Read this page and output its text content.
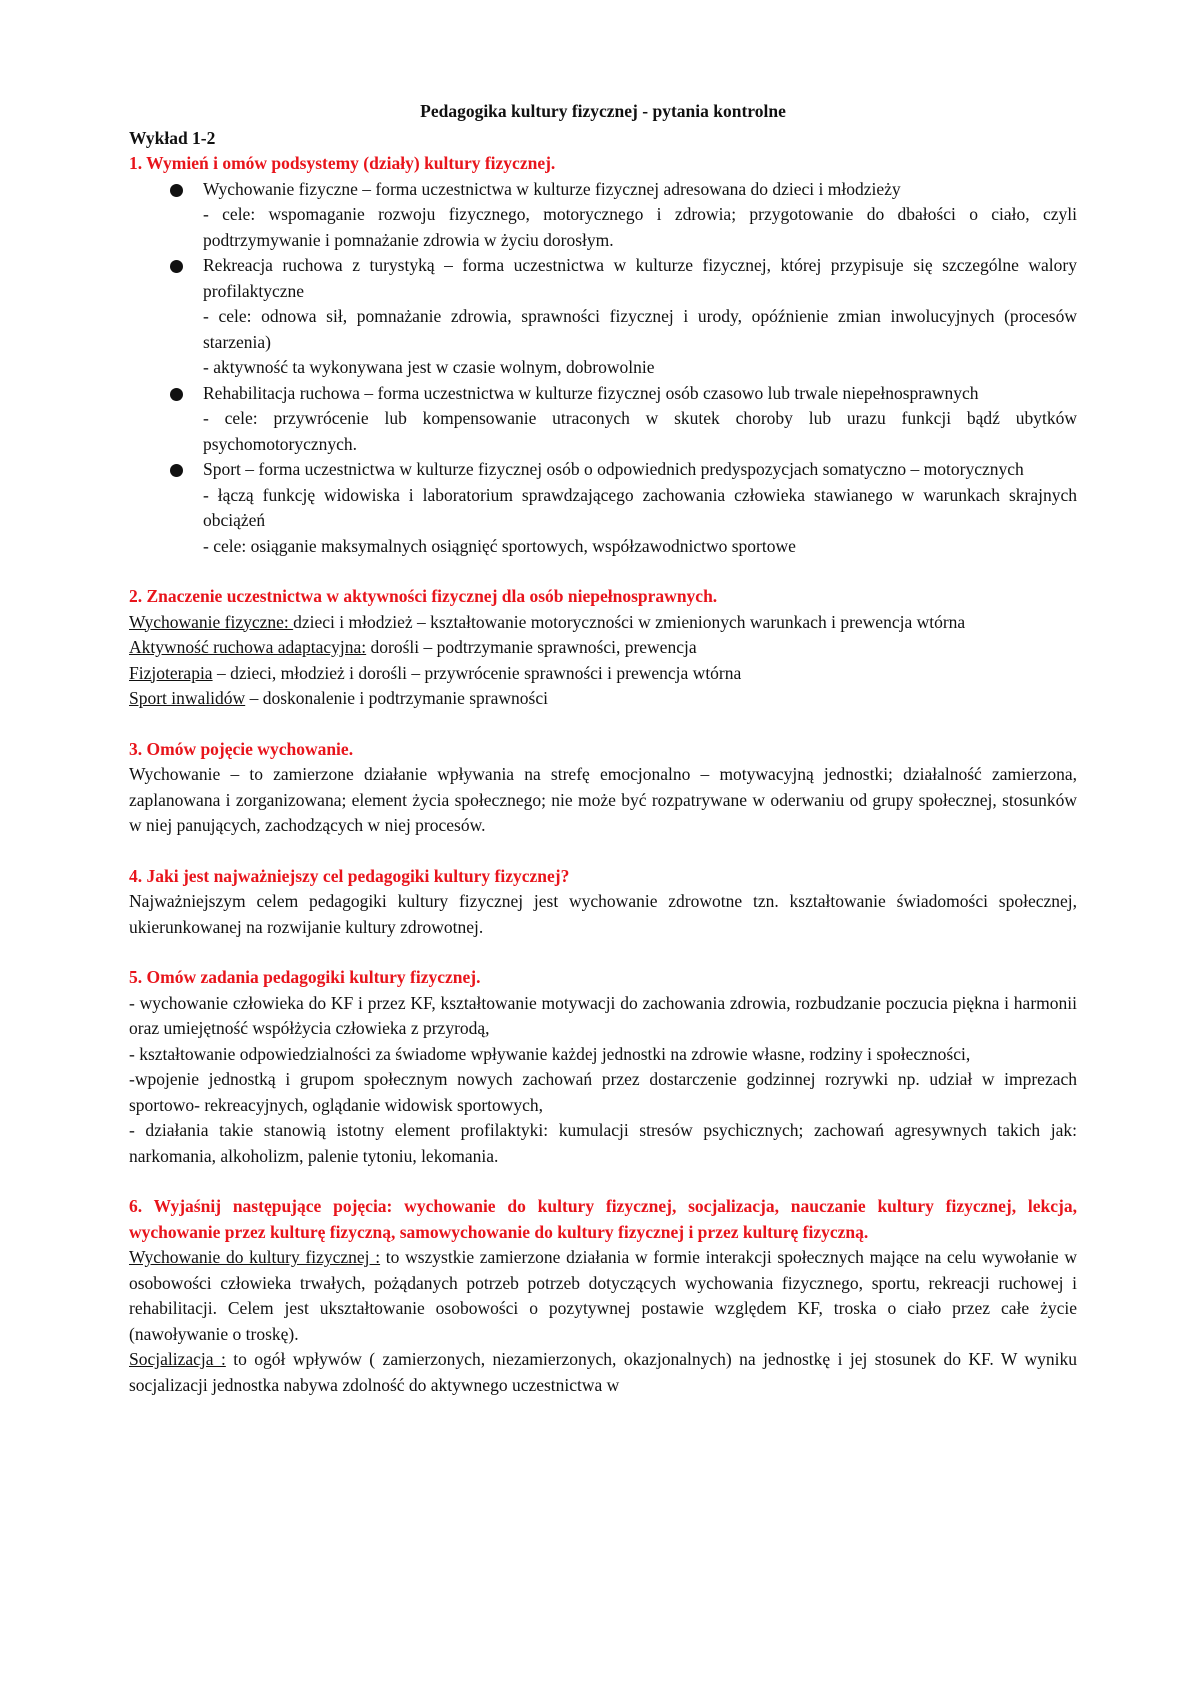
Pedagogika kultury fizycznej - pytania kontrolne

Wykład 1-2

1. Wymień i omów podsystemy (działy) kultury fizycznej.

Wychowanie fizyczne – forma uczestnictwa w kulturze fizycznej adresowana do dzieci i młodzieży
- cele: wspomaganie rozwoju fizycznego, motorycznego i zdrowia; przygotowanie do dbałości o ciało, czyli podtrzymywanie i pomnażanie zdrowia w życiu dorosłym.
Rekreacja ruchowa z turystyką – forma uczestnictwa w kulturze fizycznej, której przypisuje się szczególne walory profilaktyczne
- cele: odnowa sił, pomnażanie zdrowia, sprawności fizycznej i urody, opóźnienie zmian inwolucyjnych (procesów starzenia)
- aktywność ta wykonywana jest w czasie wolnym, dobrowolnie
Rehabilitacja ruchowa – forma uczestnictwa w kulturze fizycznej osób czasowo lub trwale niepełnosprawnych
- cele: przywrócenie lub kompensowanie utraconych w skutek choroby lub urazu funkcji bądź ubytków psychomotorycznych.
Sport – forma uczestnictwa w kulturze fizycznej osób o odpowiednich predyspozycjach somatyczno – motorycznych
- łączą funkcję widowiska i laboratorium sprawdzającego zachowania człowieka stawianego w warunkach skrajnych obciążeń
- cele: osiąganie maksymalnych osiągnięć sportowych, współzawodnictwo sportowe

2. Znaczenie uczestnictwa w aktywności fizycznej dla osób niepełnosprawnych.

Wychowanie fizyczne: dzieci i młodzież – kształtowanie motoryczności w zmienionych warunkach i prewencja wtórna

Aktywność ruchowa adaptacyjna: dorośli – podtrzymanie sprawności, prewencja

Fizjoterapia – dzieci, młodzież i dorośli – przywrócenie sprawności i prewencja wtórna

Sport inwalidów – doskonalenie i podtrzymanie sprawności

3. Omów pojęcie wychowanie.

Wychowanie – to zamierzone działanie wpływania na strefę emocjonalno – motywacyjną jednostki; działalność zamierzona, zaplanowana i zorganizowana; element życia społecznego; nie może być rozpatrywane w oderwaniu od grupy społecznej, stosunków w niej panujących, zachodzących w niej procesów.

4. Jaki jest najważniejszy cel pedagogiki kultury fizycznej?

Najważniejszym celem pedagogiki kultury fizycznej jest wychowanie zdrowotne tzn. kształtowanie świadomości społecznej, ukierunkowanej na rozwijanie kultury zdrowotnej.

5. Omów zadania pedagogiki kultury fizycznej.

- wychowanie człowieka do KF i przez KF, kształtowanie motywacji do zachowania zdrowia, rozbudzanie poczucia piękna i harmonii oraz umiejętność współżycia człowieka z przyrodą,

- kształtowanie odpowiedzialności za świadome wpływanie każdej jednostki na zdrowie własne, rodziny i społeczności,

-wpojenie jednostką i grupom społecznym nowych zachowań przez dostarczenie godzinnej rozrywki np. udział w imprezach sportowo- rekreacyjnych, oglądanie widowisk sportowych,

- działania takie stanowią istotny element profilaktyki: kumulacji stresów psychicznych; zachowań agresywnych takich jak: narkomania, alkoholizm, palenie tytoniu, lekomania.

6. Wyjaśnij następujące pojęcia: wychowanie do kultury fizycznej, socjalizacja, nauczanie kultury fizycznej, lekcja, wychowanie przez kulturę fizyczną, samowychowanie do kultury fizycznej i przez kulturę fizyczną.

Wychowanie do kultury fizycznej : to wszystkie zamierzone działania w formie interakcji społecznych mające na celu wywołanie w osobowości człowieka trwałych, pożądanych potrzeb potrzeb dotyczących wychowania fizycznego, sportu, rekreacji ruchowej i rehabilitacji. Celem jest ukształtowanie osobowości o pozytywnej postawie względem KF, troska o ciało przez całe życie (nawoływanie o troskę).

Socjalizacja : to ogół wpływów ( zamierzonych, niezamierzonych, okazjonalnych) na jednostkę i jej stosunek do KF. W wyniku socjalizacji jednostka nabywa zdolność do aktywnego uczestnictwa w
